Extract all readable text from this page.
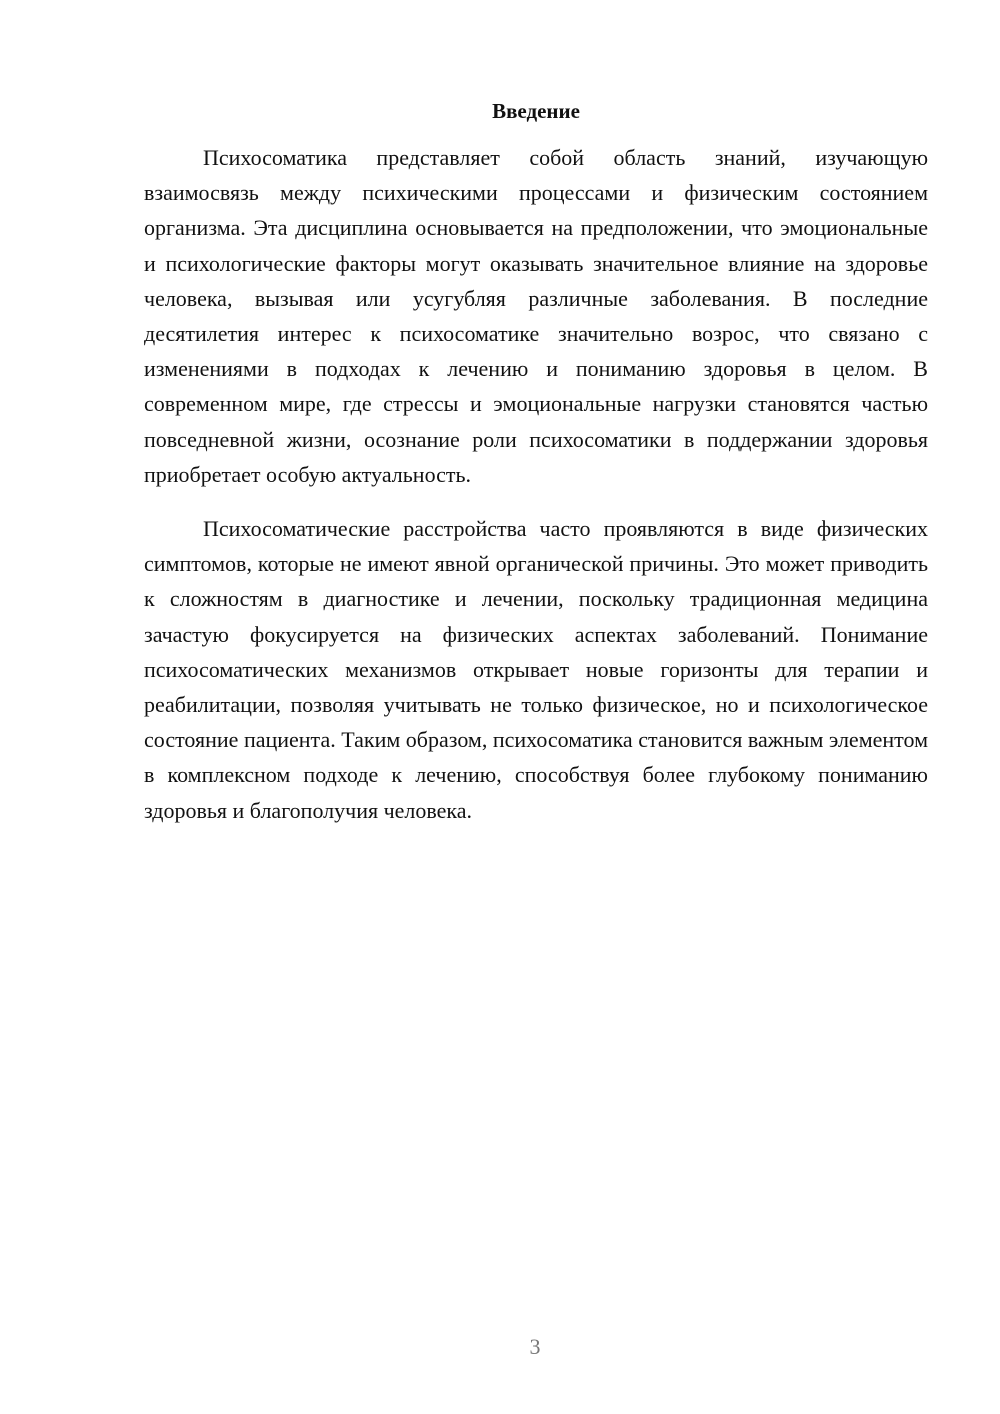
Введение

Психосоматика представляет собой область знаний, изучающую взаимосвязь между психическими процессами и физическим состоянием организма. Эта дисциплина основывается на предположении, что эмоциональные и психологические факторы могут оказывать значительное влияние на здоровье человека, вызывая или усугубляя различные заболевания. В последние десятилетия интерес к психосоматике значительно возрос, что связано с изменениями в подходах к лечению и пониманию здоровья в целом. В современном мире, где стрессы и эмоциональные нагрузки становятся частью повседневной жизни, осознание роли психосоматики в поддержании здоровья приобретает особую актуальность.

Психосоматические расстройства часто проявляются в виде физических симптомов, которые не имеют явной органической причины. Это может приводить к сложностям в диагностике и лечении, поскольку традиционная медицина зачастую фокусируется на физических аспектах заболеваний. Понимание психосоматических механизмов открывает новые горизонты для терапии и реабилитации, позволяя учитывать не только физическое, но и психологическое состояние пациента. Таким образом, психосоматика становится важным элементом в комплексном подходе к лечению, способствуя более глубокому пониманию здоровья и благополучия человека.

3
